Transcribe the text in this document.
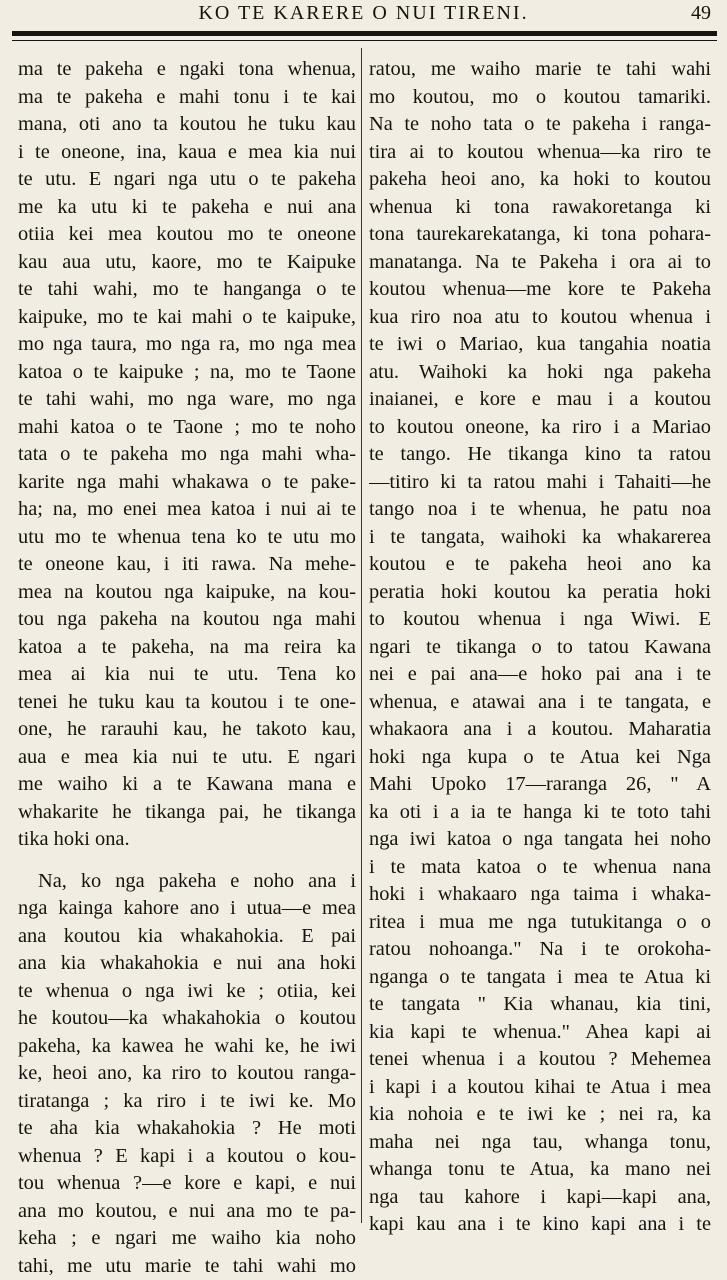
KO TE KARERE O NUI TIRENI.	49
ma te pakeha e ngaki tona whenua,
ma te pakeha e mahi tonu i te kai
mana, oti ano ta koutou he tuku kau
i te oneone, ina, kaua e mea kia nui
te utu. E ngari nga utu o te pakeha
me ka utu ki te pakeha e nui ana
otiia kei mea koutou mo te oneone
kau aua utu, kaore, mo te Kaipuke
te tahi wahi, mo te hanganga o te
kaipuke, mo te kai mahi o te kaipuke,
mo nga taura, mo nga ra, mo nga mea
katoa o te kaipuke ; na, mo te Taone
te tahi wahi, mo nga ware, mo nga
mahi katoa o te Taone ; mo te noho
tata o te pakeha mo nga mahi wha-
karite nga mahi whakawa o te pake-
ha; na, mo enei mea katoa i nui ai te
utu mo te whenua tena ko te utu mo
te oneone kau, i iti rawa. Na mehe-
mea na koutou nga kaipuke, na kou-
tou nga pakeha na koutou nga mahi
katoa a te pakeha, na ma reira ka
mea ai kia nui te utu. Tena ko
tenei he tuku kau ta koutou i te one-
one, he rarauhi kau, he takoto kau,
aua e mea kia nui te utu. E ngari
me waiho ki a te Kawana mana e
whakarite he tikanga pai, he tikanga
tika hoki ona.
Na, ko nga pakeha e noho ana i
nga kainga kahore ano i utua—e mea
ana koutou kia whakahokia. E pai
ana kia whakahokia e nui ana hoki
te whenua o nga iwi ke ; otiia, kei
he koutou—ka whakahokia o koutou
pakeha, ka kawea he wahi ke, he iwi
ke, heoi ano, ka riro to koutou ranga-
tiratanga ; ka riro i te iwi ke. Mo
te aha kia whakahokia ? He moti
whenua ? E kapi i a koutou o kou-
tou whenua ?—e kore e kapi, e nui
ana mo koutou, e nui ana mo te pa-
keha ; e ngari me waiho kia noho
tahi, me utu marie te tahi wahi mo
ratou, me waiho marie te tahi wahi
mo koutou, mo o koutou tamariki.
Na te noho tata o te pakeha i ranga-
tira ai to koutou whenua—ka riro te
pakeha heoi ano, ka hoki to koutou
whenua ki tona rawakoretanga ki
tona taurekarekatanga, ki tona pohara-
manatanga. Na te Pakeha i ora ai to
koutou whenua—me kore te Pakeha
kua riro noa atu to koutou whenua i
te iwi o Mariao, kua tangahia noatia
atu. Waihoki ka hoki nga pakeha
inaianei, e kore e mau i a koutou
to koutou oneone, ka riro i a Mariao
te tango. He tikanga kino ta ratou
—titiro ki ta ratou mahi i Tahaiti—he
tango noa i te whenua, he patu noa
i te tangata, waihoki ka whakarerea
koutou e te pakeha heoi ano ka
peratia hoki koutou ka peratia hoki
to koutou whenua i nga Wiwi. E
ngari te tikanga o to tatou Kawana
nei e pai ana—e hoko pai ana i te
whenua, e atawai ana i te tangata, e
whakaora ana i a koutou. Maharatia
hoki nga kupa o te Atua kei Nga
Mahi Upoko 17—raranga 26, " A
ka oti i a ia te hanga ki te toto tahi
nga iwi katoa o nga tangata hei noho
i te mata katoa o te whenua nana
hoki i whakaaro nga taima i whaka-
ritea i mua me nga tutukitanga o o
ratou nohoanga." Na i te orokoha-
nganga o te tangata i mea te Atua ki
te tangata " Kia whanau, kia tini,
kia kapi te whenua." Ahea kapi ai
tenei whenua i a koutou ? Mehemea
i kapi i a koutou kihai te Atua i mea
kia nohoia e te iwi ke ; nei ra, ka
maha nei nga tau, whanga tonu,
whanga tonu te Atua, ka mano nei
nga tau kahore i kapi—kapi ana,
kapi kau ana i te kino kapi ana i te
